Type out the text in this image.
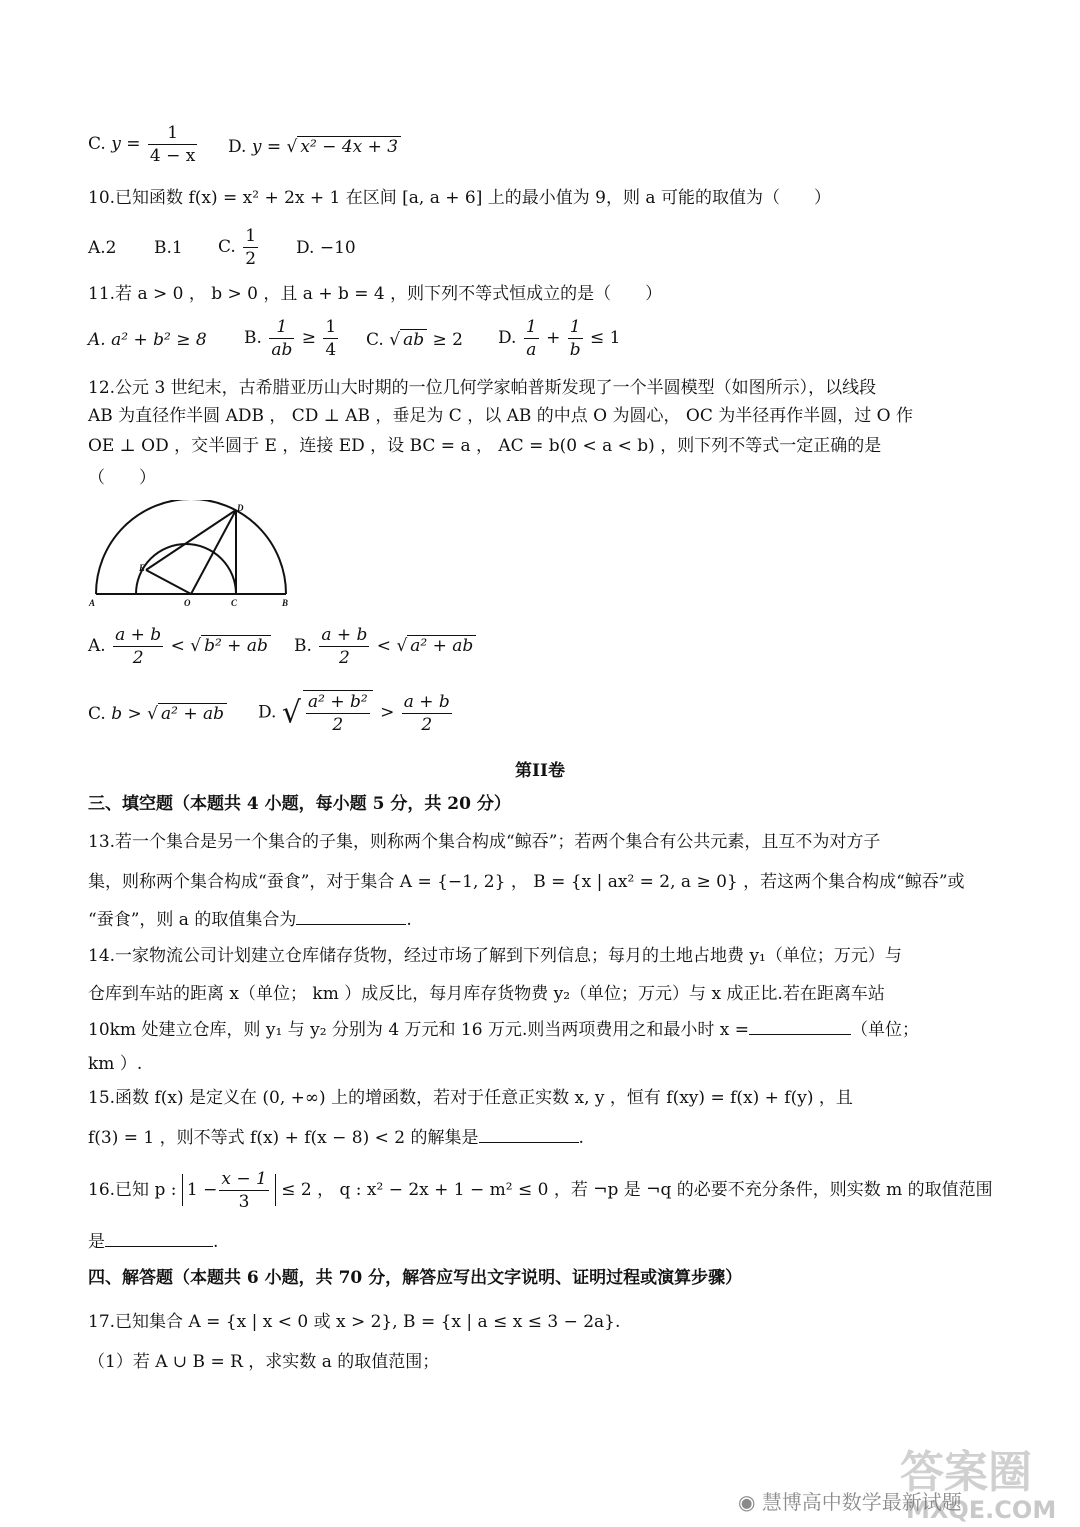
C. $y = \frac{1}{4 - x} D$. y = √ x² − 4x + 3
10.已知函数 f(x) = x² + 2x + 1 在区间 [a, a + 6] 上的最小值为 9，则 a 可能的取值为（　　）
A.2 B.1 C. $\frac{1}{2} D$. −10
11.若 a > 0 ， b > 0 ，且 a + b = 4 ，则下列不等式恒成立的是（　　）
A. a² + b² ≥ 8 B. $\frac{1}{ab} \ge \frac{1}{4} C$. √ ab ≥ 2 D. $\frac{1}{a} + \frac{1}{b} \le 1$
12.公元 3 世纪末，古希腊亚历山大时期的一位几何学家帕普斯发现了一个半圆模型（如图所示），以线段
AB 为直径作半圆 ADB ， CD ⊥ AB ，垂足为 C ，以 AB 的中点 O 为圆心， OC 为半径再作半圆，过 O 作
OE ⊥ OD ，交半圆于 E ，连接 ED ，设 BC = a ， AC = b(0 < a < b) ，则下列不等式一定正确的是
（　　）
A	O	C	B
D
E
A. $\frac{a + b}{2}$ < √ b² + ab B. $\frac{a + b}{2}$ < √ a² + ab
C. b > √ a² + ab D. √ $\frac{\text{a² + b²}}{2} > \frac{a + b}{2}$
第II卷
三、填空题（本题共 4 小题，每小题 5 分，共 20 分）
13.若一个集合是另一个集合的子集，则称两个集合构成“鲸吞”；若两个集合有公共元素，且互不为对方子
集，则称两个集合构成“蚕食”，对于集合 A = {−1, 2} ， B = {x | ax² = 2, a ≥ 0} ，若这两个集合构成“鲸吞”或
“蚕食”，则 a 的取值集合为	.
14.一家物流公司计划建立仓库储存货物，经过市场了解到下列信息；每月的土地占地费 y₁（单位；万元）与
仓库到车站的距离 x（单位； km ）成反比，每月库存货物费 y₂（单位；万元）与 x 成正比.若在距离车站
10km 处建立仓库，则 y₁ 与 y₂ 分别为 4 万元和 16 万元.则当两项费用之和最小时 x =	（单位；
km ）.
15.函数 f(x) 是定义在 (0, +∞) 上的增函数，若对于任意正实数 x, y ，恒有 f(xy) = f(x) + f(y) ，且
f(3) = 1 ，则不等式 f(x) + f(x − 8) < 2 的解集是	.
16.已知 p : $1 - \frac{x - 1}{3} \le 2$ ， q : x² − 2x + 1 − m² ≤ 0 ，若 ¬p 是 ¬q 的必要不充分条件，则实数 m 的取值范围
是	.
四、解答题（本题共 6 小题，共 70 分，解答应写出文字说明、证明过程或演算步骤）
17.已知集合 A = {x | x < 0 或 x > 2}, B = {x | a ≤ x ≤ 3 − 2a}.
（1）若 A ∪ B = R ，求实数 a 的取值范围；
◉ 慧博高中数学最新试题
答案圈
MXQE.COM
